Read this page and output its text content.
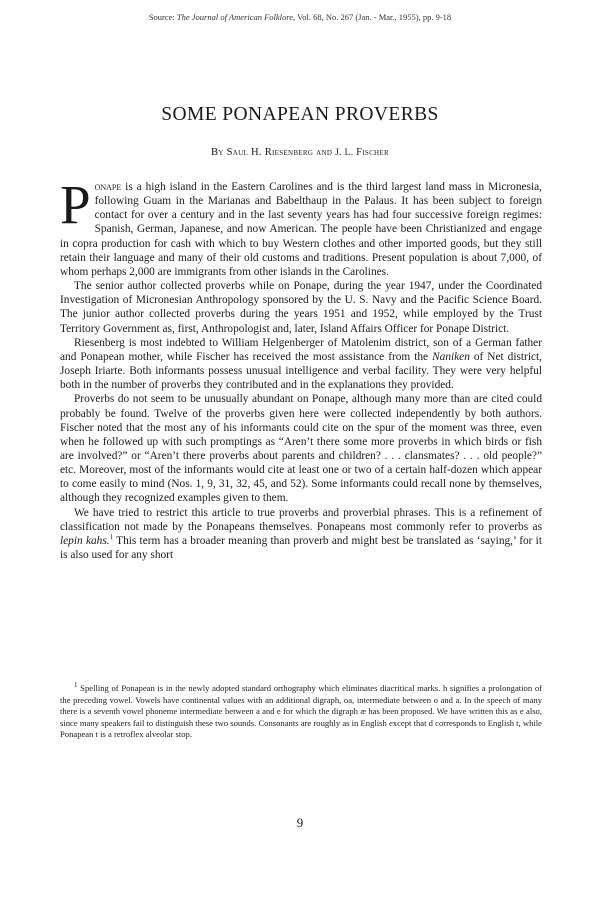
Source: The Journal of American Folklore, Vol. 68, No. 267 (Jan. - Mar., 1955), pp. 9-18
SOME PONAPEAN PROVERBS
By Saul H. Riesenberg and J. L. Fischer

Ponape is a high island in the Eastern Carolines and is the third largest land mass in Micronesia, following Guam in the Marianas and Babelthaup in the Palaus. It has been subject to foreign contact for over a century and in the last seventy years has had four successive foreign regimes: Spanish, German, Japanese, and now American. The people have been Christianized and engage in copra production for cash with which to buy Western clothes and other imported goods, but they still retain their language and many of their old customs and traditions. Present population is about 7,000, of whom perhaps 2,000 are immigrants from other islands in the Carolines.

The senior author collected proverbs while on Ponape, during the year 1947, under the Coordinated Investigation of Micronesian Anthropology sponsored by the U. S. Navy and the Pacific Science Board. The junior author collected proverbs during the years 1951 and 1952, while employed by the Trust Territory Government as, first, Anthropologist and, later, Island Affairs Officer for Ponape District.

Riesenberg is most indebted to William Helgenberger of Matolenim district, son of a German father and Ponapean mother, while Fischer has received the most assistance from the Naniken of Net district, Joseph Iriarte. Both informants possess unusual intelligence and verbal facility. They were very helpful both in the number of proverbs they contributed and in the explanations they provided.

Proverbs do not seem to be unusually abundant on Ponape, although many more than are cited could probably be found. Twelve of the proverbs given here were collected independently by both authors. Fischer noted that the most any of his informants could cite on the spur of the moment was three, even when he followed up with such promptings as “Aren’t there some more proverbs in which birds or fish are involved?” or “Aren’t there proverbs about parents and children? . . . clansmates? . . . old people?” etc. Moreover, most of the informants would cite at least one or two of a certain half-dozen which appear to come easily to mind (Nos. 1, 9, 31, 32, 45, and 52). Some informants could recall none by themselves, although they recognized examples given to them.

We have tried to restrict this article to true proverbs and proverbial phrases. This is a refinement of classification not made by the Ponapeans themselves. Ponapeans most commonly refer to proverbs as lepin kahs.$^1$ This term has a broader meaning than proverb and might best be translated as ‘saying,’ for it is also used for any short

$^1$ Spelling of Ponapean is in the newly adopted standard orthography which eliminates diacritical marks. h signifies a prolongation of the preceding vowel. Vowels have continental values with an additional digraph, oa, intermediate between o and a. In the speech of many there is a seventh vowel phoneme intermediate between a and e for which the digraph æ has been proposed. We have written this as e also, since many speakers fail to distinguish these two sounds. Consonants are roughly as in English except that d corresponds to English t, while Ponapean t is a retroflex alveolar stop.

9
